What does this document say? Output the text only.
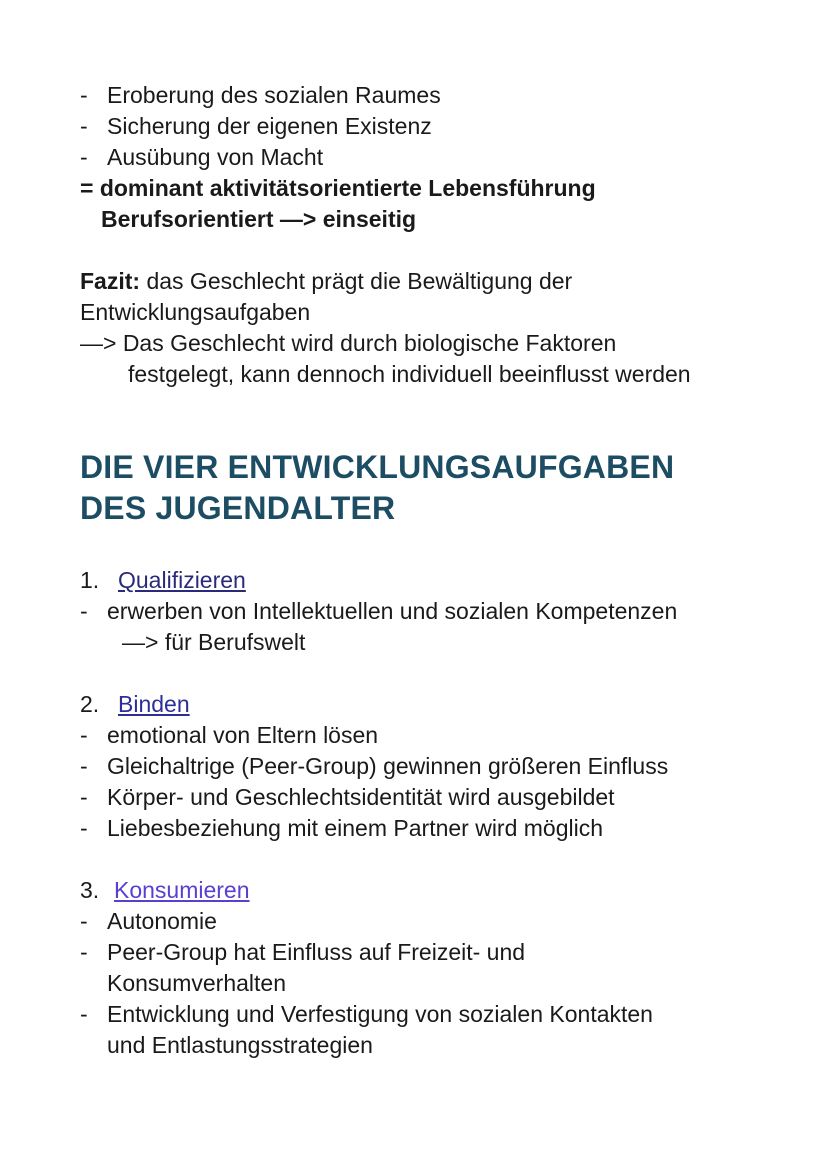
- Eroberung des sozialen Raumes
- Sicherung der eigenen Existenz
- Ausübung von Macht
= dominant aktivitätsorientierte Lebensführung
Berufsorientiert —> einseitig
Fazit: das Geschlecht prägt die Bewältigung der
Entwicklungsaufgaben
—> Das Geschlecht wird durch biologische Faktoren
festgelegt, kann dennoch individuell beeinflusst werden
DIE VIER ENTWICKLUNGSAUFGABEN
DES JUGENDALTER
1. Qualifizieren
- erwerben von Intellektuellen und sozialen Kompetenzen
—> für Berufswelt
2. Binden
- emotional von Eltern lösen
- Gleichaltrige (Peer-Group) gewinnen größeren Einfluss
- Körper- und Geschlechtsidentität wird ausgebildet
- Liebesbeziehung mit einem Partner wird möglich
3. Konsumieren
- Autonomie
- Peer-Group hat Einfluss auf Freizeit- und
Konsumverhalten
- Entwicklung und Verfestigung von sozialen Kontakten
und Entlastungsstrategien
